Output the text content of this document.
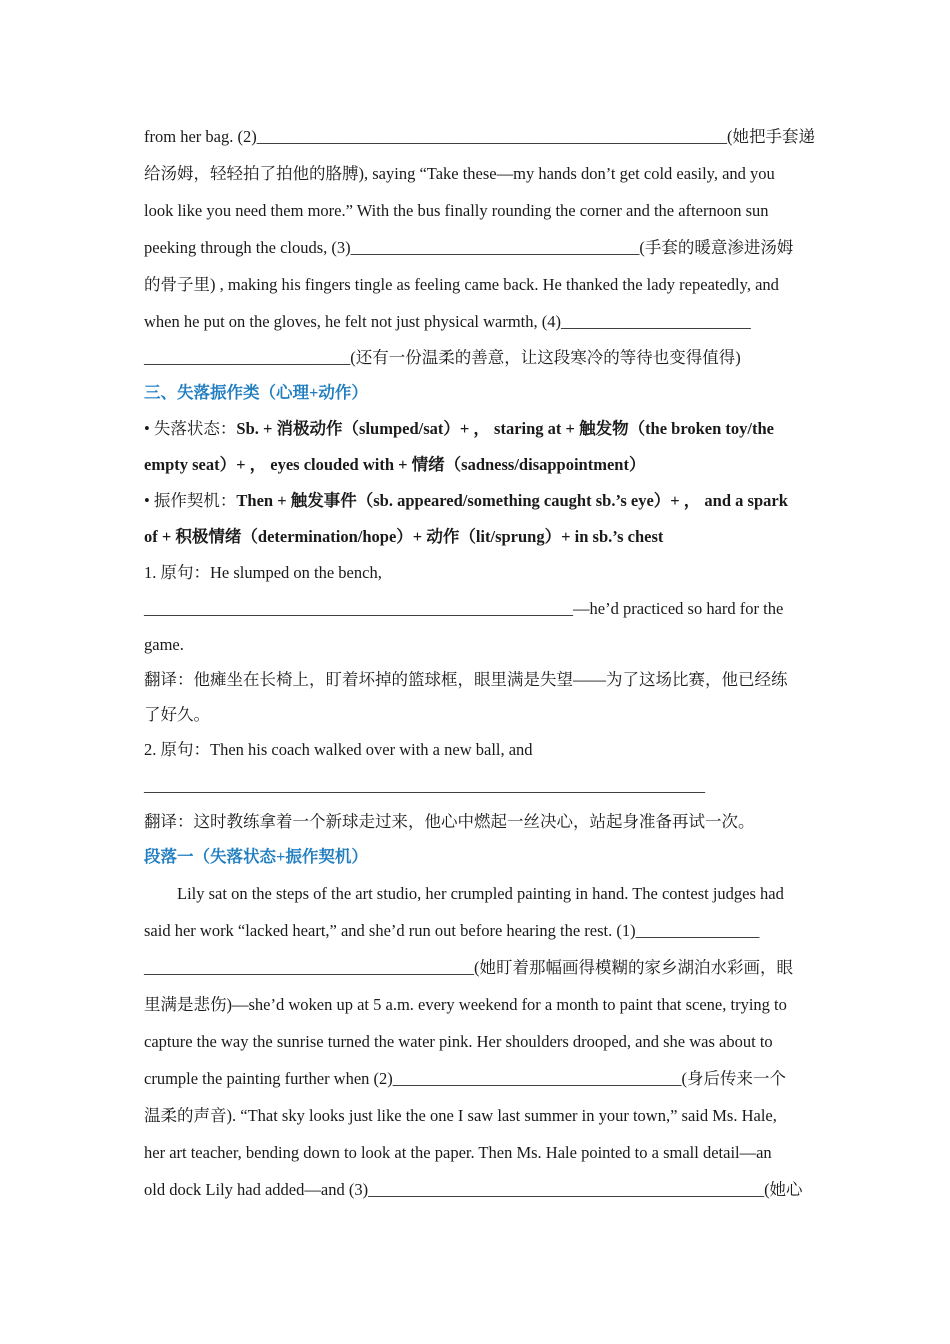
from her bag. (2)_________________________________________________________(她把手套递
给汤姆，轻轻拍了拍他的胳膊), saying “Take these—my hands don’t get cold easily, and you
look like you need them more.” With the bus finally rounding the corner and the afternoon sun
peeking through the clouds, (3)___________________________________(手套的暖意渗进汤姆
的骨子里) , making his fingers tingle as feeling came back. He thanked the lady repeatedly, and
when he put on the gloves, he felt not just physical warmth, (4)_______________________
_________________________(还有一份温柔的善意，让这段寒冷的等待也变得值得)
三、失落振作类（心理+动作）
• 失落状态：Sb. + 消极动作（slumped/sat）+ ， staring at + 触发物（the broken toy/the
empty seat）+ ， eyes clouded with + 情绪（sadness/disappointment）
• 振作契机：Then + 触发事件（sb. appeared/something caught sb.’s eye）+ ， and a spark
of + 积极情绪（determination/hope）+ 动作（lit/sprung）+ in sb.’s chest
1. 原句：He slumped on the bench,
____________________________________________________—he’d practiced so hard for the
game.
翻译：他瘫坐在长椅上，盯着坏掉的篮球框，眼里满是失望——为了这场比赛，他已经练
了好久。
2. 原句：Then his coach walked over with a new ball, and
____________________________________________________________________
翻译：这时教练拿着一个新球走过来，他心中燃起一丝决心，站起身准备再试一次。
段落一（失落状态+振作契机）
Lily sat on the steps of the art studio, her crumpled painting in hand. The contest judges had
said her work “lacked heart,” and she’d run out before hearing the rest. (1)_______________
________________________________________(她盯着那幅画得模糊的家乡湖泊水彩画，眼
里满是悲伤)—she’d woken up at 5 a.m. every weekend for a month to paint that scene, trying to
capture the way the sunrise turned the water pink. Her shoulders drooped, and she was about to
crumple the painting further when (2)___________________________________(身后传来一个
温柔的声音). “That sky looks just like the one I saw last summer in your town,” said Ms. Hale,
her art teacher, bending down to look at the paper. Then Ms. Hale pointed to a small detail—an
old dock Lily had added—and (3)________________________________________________(她心
